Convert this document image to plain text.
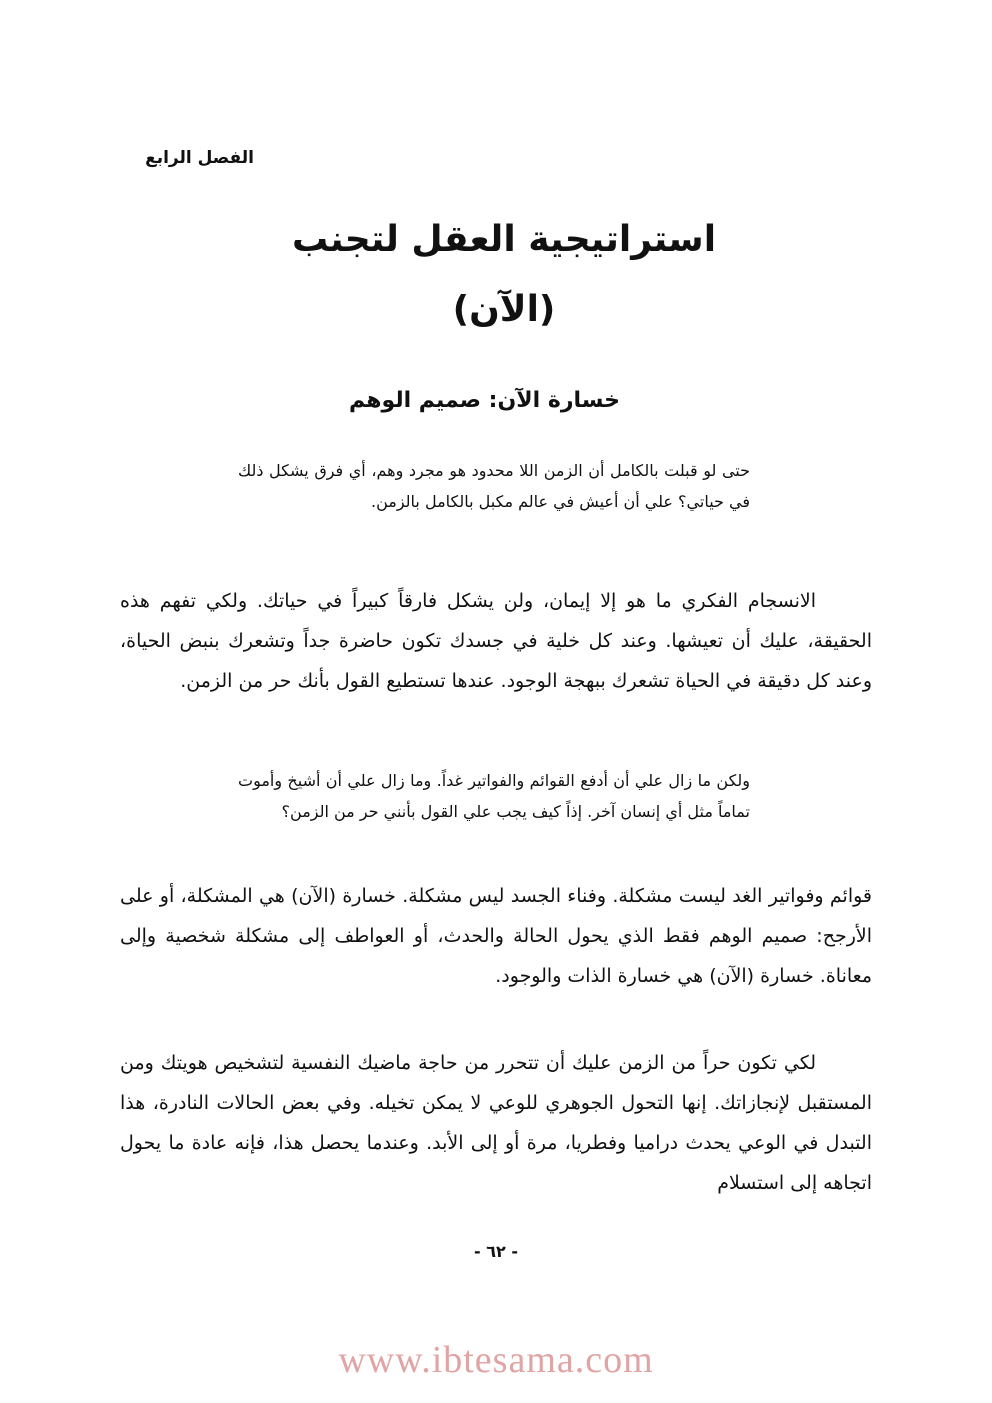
الفصل الرابع
استراتيجية العقل لتجنب
(الآن)
خسارة الآن: صميم الوهم
حتى لو قبلت بالكامل أن الزمن اللا محدود هو مجرد وهم، أي فرق يشكل ذلك في حياتي؟ علي أن أعيش في عالم مكبل بالكامل بالزمن.
الانسجام الفكري ما هو إلا إيمان، ولن يشكل فارقاً كبيراً في حياتك. ولكي تفهم هذه الحقيقة، عليك أن تعيشها. وعند كل خلية في جسدك تكون حاضرة جداً وتشعرك بنبض الحياة، وعند كل دقيقة في الحياة تشعرك ببهجة الوجود. عندها تستطيع القول بأنك حر من الزمن.
ولكن ما زال علي أن أدفع القوائم والفواتير غداً. وما زال علي أن أشيخ وأموت تماماً مثل أي إنسان آخر. إذاً كيف يجب علي القول بأنني حر من الزمن؟
قوائم وفواتير الغد ليست مشكلة. وفناء الجسد ليس مشكلة. خسارة (الآن) هي المشكلة، أو على الأرجح: صميم الوهم فقط الذي يحول الحالة والحدث، أو العواطف إلى مشكلة شخصية وإلى معاناة. خسارة (الآن) هي خسارة الذات والوجود.
لكي تكون حراً من الزمن عليك أن تتحرر من حاجة ماضيك النفسية لتشخيص هويتك ومن المستقبل لإنجازاتك. إنها التحول الجوهري للوعي لا يمكن تخيله. وفي بعض الحالات النادرة، هذا التبدل في الوعي يحدث دراميا وفطريا، مرة أو إلى الأبد. وعندما يحصل هذا، فإنه عادة ما يحول اتجاهه إلى استسلام
- ٦٢ -
www.ibtesama.com
